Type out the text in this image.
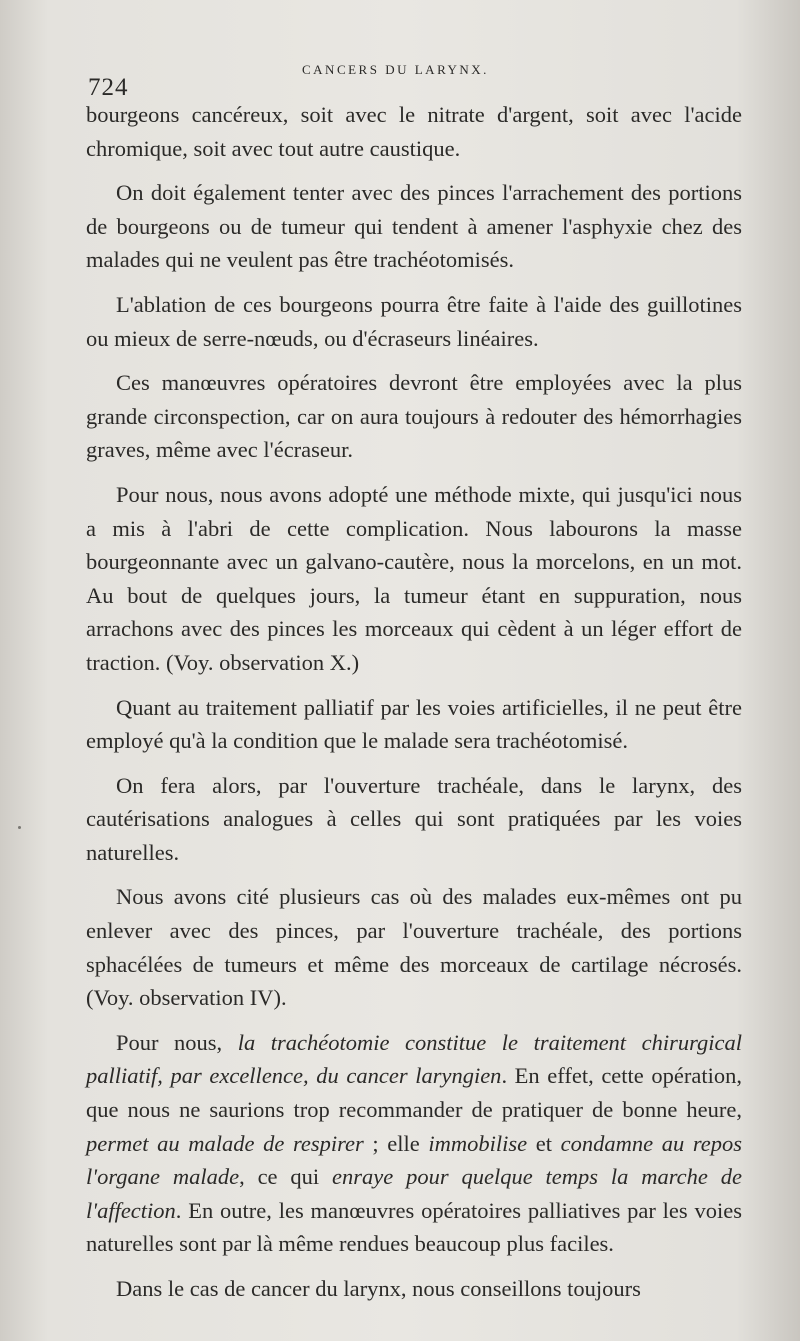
724
CANCERS DU LARYNX.

bourgeons cancéreux, soit avec le nitrate d'argent, soit avec l'acide chromique, soit avec tout autre caustique.

On doit également tenter avec des pinces l'arrachement des portions de bourgeons ou de tumeur qui tendent à amener l'asphyxie chez des malades qui ne veulent pas être trachéotomisés.

L'ablation de ces bourgeons pourra être faite à l'aide des guillotines ou mieux de serre-nœuds, ou d'écraseurs linéaires.

Ces manœuvres opératoires devront être employées avec la plus grande circonspection, car on aura toujours à redouter des hémorrhagies graves, même avec l'écraseur.

Pour nous, nous avons adopté une méthode mixte, qui jusqu'ici nous a mis à l'abri de cette complication. Nous labourons la masse bourgeonnante avec un galvano-cautère, nous la morcelons, en un mot. Au bout de quelques jours, la tumeur étant en suppuration, nous arrachons avec des pinces les morceaux qui cèdent à un léger effort de traction. (Voy. observation X.)

Quant au traitement palliatif par les voies artificielles, il ne peut être employé qu'à la condition que le malade sera trachéotomisé.

On fera alors, par l'ouverture trachéale, dans le larynx, des cautérisations analogues à celles qui sont pratiquées par les voies naturelles.

Nous avons cité plusieurs cas où des malades eux-mêmes ont pu enlever avec des pinces, par l'ouverture trachéale, des portions sphacélées de tumeurs et même des morceaux de cartilage nécrosés. (Voy. observation IV).

Pour nous, la trachéotomie constitue le traitement chirurgical palliatif, par excellence, du cancer laryngien. En effet, cette opération, que nous ne saurions trop recommander de pratiquer de bonne heure, permet au malade de respirer ; elle immobilise et condamne au repos l'organe malade, ce qui enraye pour quelque temps la marche de l'affection. En outre, les manœuvres opératoires palliatives par les voies naturelles sont par là même rendues beaucoup plus faciles.

Dans le cas de cancer du larynx, nous conseillons toujours
